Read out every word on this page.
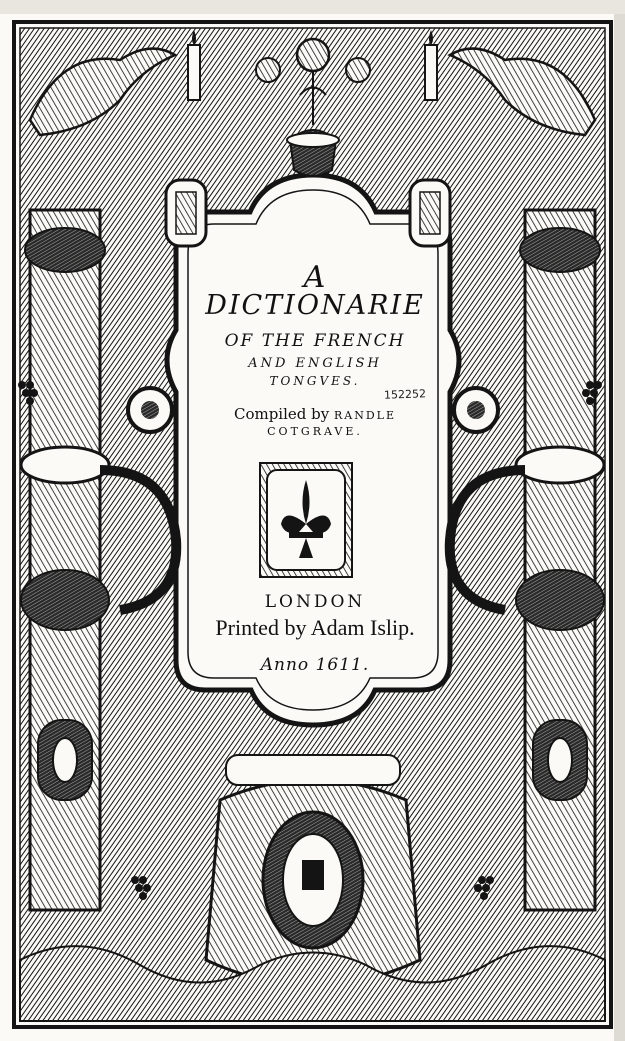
A
DICTIONARIE
OF THE FRENCH
AND ENGLISH
TONGVES.
Compiled by RANDLE
COTGRAVE.
LONDON
Printed by Adam Islip.
Anno 1611.
152252
